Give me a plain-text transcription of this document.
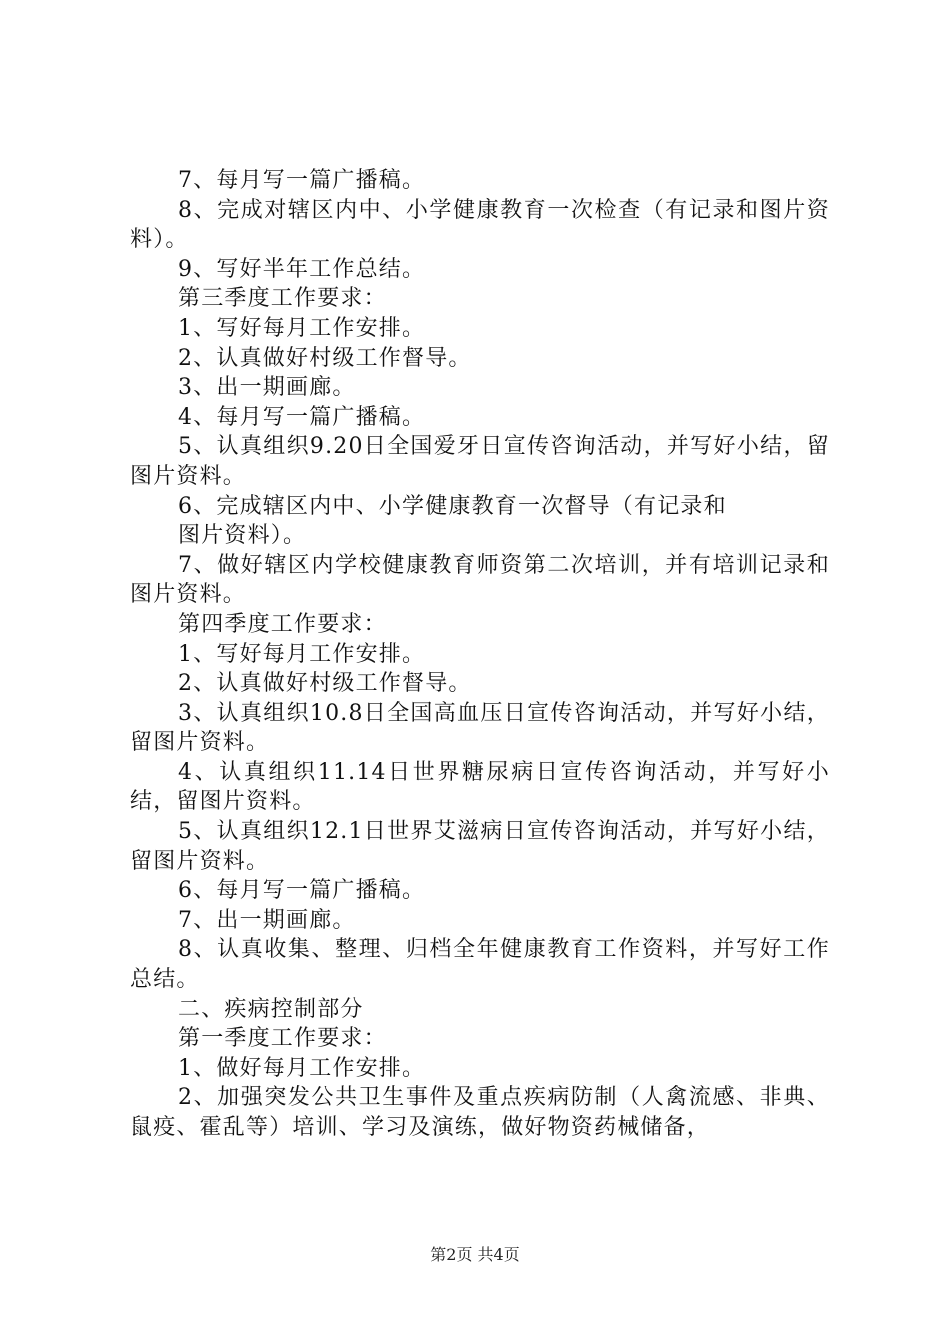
7、每月写一篇广播稿。

8、完成对辖区内中、小学健康教育一次检查（有记录和图片资料）。

9、写好半年工作总结。

第三季度工作要求：

1、写好每月工作安排。

2、认真做好村级工作督导。

3、出一期画廊。

4、每月写一篇广播稿。

5、认真组织9.20日全国爱牙日宣传咨询活动，并写好小结，留图片资料。

6、完成辖区内中、小学健康教育一次督导（有记录和

图片资料）。

7、做好辖区内学校健康教育师资第二次培训，并有培训记录和图片资料。

第四季度工作要求：

1、写好每月工作安排。

2、认真做好村级工作督导。

3、认真组织10.8日全国高血压日宣传咨询活动，并写好小结，留图片资料。

4、认真组织11.14日世界糖尿病日宣传咨询活动，并写好小结，留图片资料。

5、认真组织12.1日世界艾滋病日宣传咨询活动，并写好小结，留图片资料。

6、每月写一篇广播稿。

7、出一期画廊。

8、认真收集、整理、归档全年健康教育工作资料，并写好工作总结。

二、疾病控制部分

第一季度工作要求：

1、做好每月工作安排。

2、加强突发公共卫生事件及重点疾病防制（人禽流感、非典、鼠疫、霍乱等）培训、学习及演练，做好物资药械储备，

第2页 共4页
